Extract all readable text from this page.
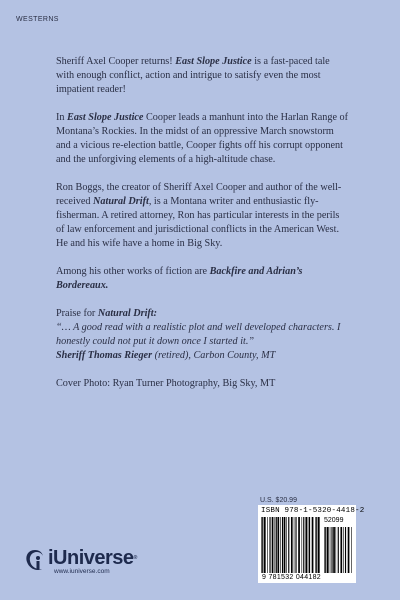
WESTERNS

Sheriff Axel Cooper returns! East Slope Justice is a fast-paced tale with enough conflict, action and intrigue to satisfy even the most impatient reader!

In East Slope Justice Cooper leads a manhunt into the Harlan Range of Montana’s Rockies. In the midst of an oppressive March snowstorm and a vicious re-election battle, Cooper fights off his corrupt opponent and the unforgiving elements of a high-altitude chase.

Ron Boggs, the creator of Sheriff Axel Cooper and author of the well-received Natural Drift, is a Montana writer and enthusiastic fly-fisherman. A retired attorney, Ron has particular interests in the perils of law enforcement and jurisdictional conflicts in the American West. He and his wife have a home in Big Sky.

Among his other works of fiction are Backfire and Adrian’s Bordereaux.

Praise for Natural Drift:
“… A good read with a realistic plot and well developed characters. I honestly could not put it down once I started it.”
Sheriff Thomas Rieger (retired), Carbon County, MT

Cover Photo: Ryan Turner Photography, Big Sky, MT

U.S. $20.99
ISBN 978-1-5320-4418-2
52099
9 781532 044182
iUniverse®
www.iuniverse.com
